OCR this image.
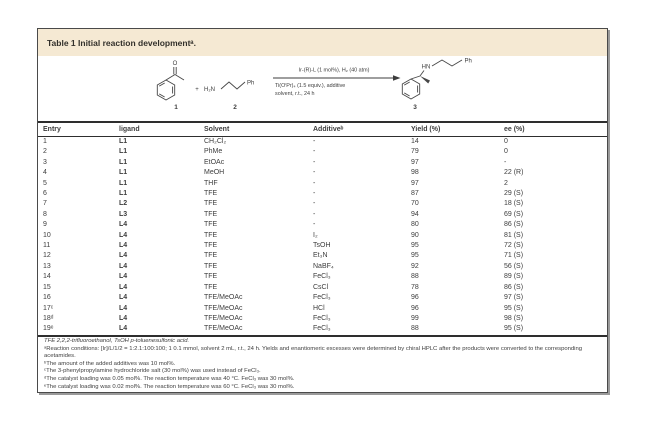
Table 1 Initial reaction developmentᵃ.
O
1
+ H₂N
Ph
2
Ir-(R)-L (1 mol%), H₂ (40 atm)
Ti(OⁱPr)₄ (1.5 equiv.), additive
solvent, r.t., 24 h
HN
Ph
3
Entry	ligand	Solvent	Additiveᵇ	Yield (%)	ee (%)
1	L1	CH₂Cl₂	-	14	0
2	L1	PhMe	-	79	0
3	L1	EtOAc	-	97	-
4	L1	MeOH	-	98	22 (R)
5	L1	THF	-	97	2
6	L1	TFE	-	87	29 (S)
7	L2	TFE	-	70	18 (S)
8	L3	TFE	-	94	69 (S)
9	L4	TFE	-	80	86 (S)
10	L4	TFE	I₂	90	81 (S)
11	L4	TFE	TsOH	95	72 (S)
12	L4	TFE	Et₃N	95	71 (S)
13	L4	TFE	NaBF₄	92	56 (S)
14	L4	TFE	FeCl₃	88	89 (S)
15	L4	TFE	CsCl	78	86 (S)
16	L4	TFE/MeOAc	FeCl₃	96	97 (S)
17ᶜ	L4	TFE/MeOAc	HCl	96	95 (S)
18ᵈ	L4	TFE/MeOAc	FeCl₃	99	98 (S)
19ᵉ	L4	TFE/MeOAc	FeCl₃	88	95 (S)
TFE 2,2,2-trifluoroethanol, TsOH p-toluenesulfonic acid.
ᵃReaction conditions: [Ir]/L/1/2 = 1:2.1:100:100; 1 0.1 mmol, solvent 2 mL, r.t., 24 h. Yields and enantiomeric excesses were determined by chiral HPLC after the products were converted to the corresponding acetamides.
ᵇThe amount of the added additives was 10 mol%.
ᶜThe 3-phenylpropylamine hydrochloride salt (30 mol%) was used instead of FeCl₃.
ᵈThe catalyst loading was 0.05 mol%. The reaction temperature was 40 °C. FeCl₃ was 30 mol%.
ᵉThe catalyst loading was 0.02 mol%. The reaction temperature was 60 °C. FeCl₃ was 30 mol%.
